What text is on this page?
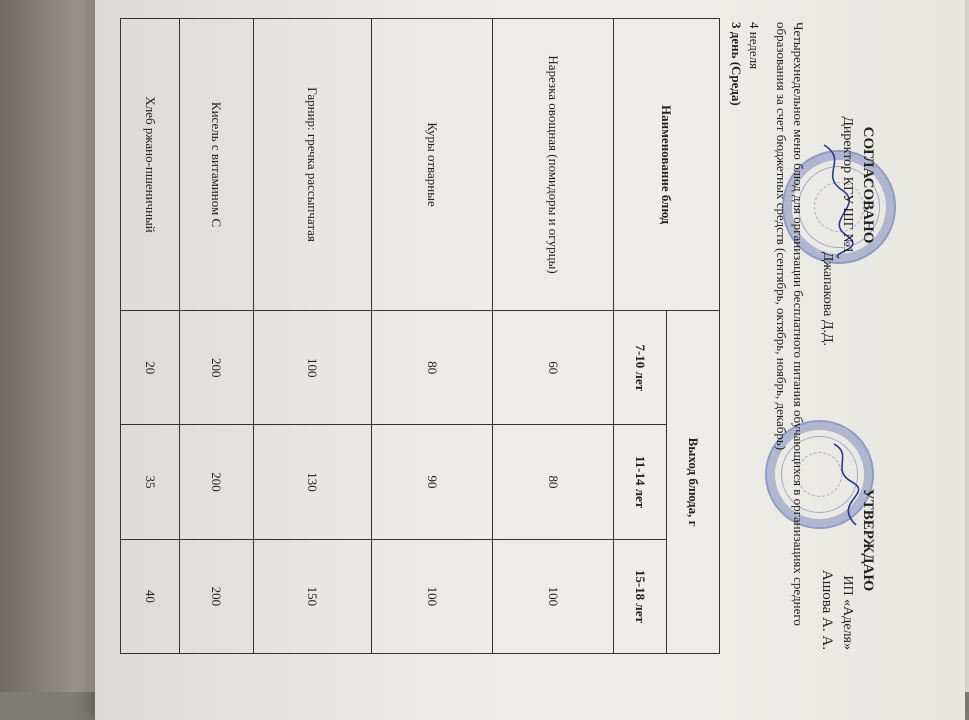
СОГЛАСОВАНО
Директор КГУ ШГ №1
Джапакова Д.Д.
УТВЕРЖДАЮ
ИП «Аделя»
Ашова А. А.
Четырехнедельное меню блюд для организации бесплатного питания обучающихся в организациях среднего образования за счет бюджетных средств (сентябрь, октябрь, ноябрь, декабрь)
4 неделя
3 день (Среда)
Наименование блюд	Выход блюда, г		
	7-10 лет	11-14 лет	15-18 лет
Нарезка овощная (помидоры и огурцы)	60	80	100
Куры отварные	80	90	100
Гарнир: гречка рассыпчатая	100	130	150
Кисель с витамином С	200	200	200
Хлеб ржано-пшеничный	20	35	40
